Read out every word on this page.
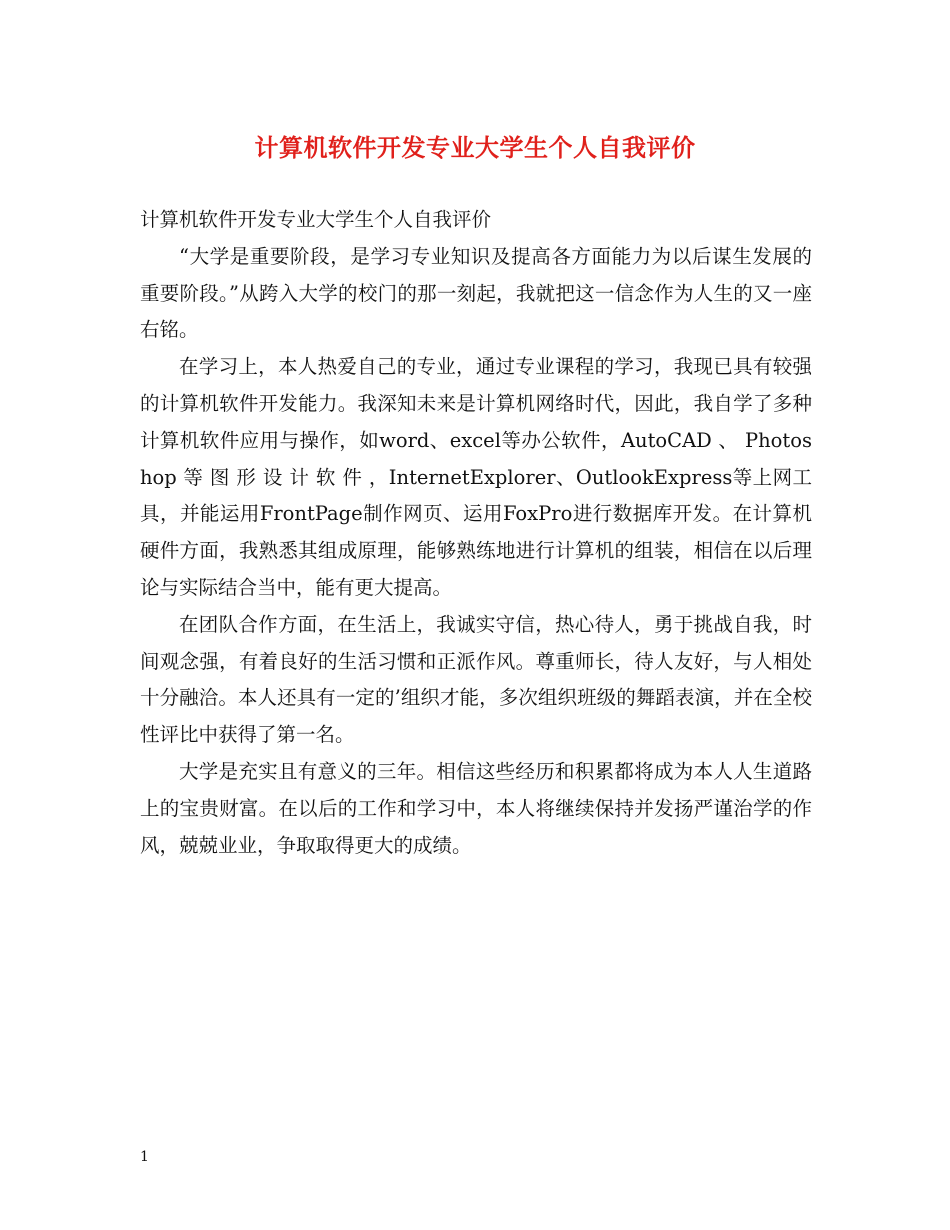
计算机软件开发专业大学生个人自我评价

计算机软件开发专业大学生个人自我评价

“大学是重要阶段，是学习专业知识及提高各方面能力为以后谋生发展的重要阶段。”从跨入大学的校门的那一刻起，我就把这一信念作为人生的又一座右铭。

在学习上，本人热爱自己的专业，通过专业课程的学习，我现已具有较强的计算机软件开发能力。我深知未来是计算机网络时代，因此，我自学了多种计算机软件应用与操作，如word、excel等办公软件，AutoCAD 、 Photoshop 等 图 形 设 计 软 件 ，InternetExplorer、OutlookExpress等上网工具，并能运用FrontPage制作网页、运用FoxPro进行数据库开发。在计算机硬件方面，我熟悉其组成原理，能够熟练地进行计算机的组装，相信在以后理论与实际结合当中，能有更大提高。

在团队合作方面，在生活上，我诚实守信，热心待人，勇于挑战自我，时间观念强，有着良好的生活习惯和正派作风。尊重师长，待人友好，与人相处十分融洽。本人还具有一定的’组织才能，多次组织班级的舞蹈表演，并在全校性评比中获得了第一名。

大学是充实且有意义的三年。相信这些经历和积累都将成为本人人生道路上的宝贵财富。在以后的工作和学习中，本人将继续保持并发扬严谨治学的作风，兢兢业业，争取取得更大的成绩。

1
